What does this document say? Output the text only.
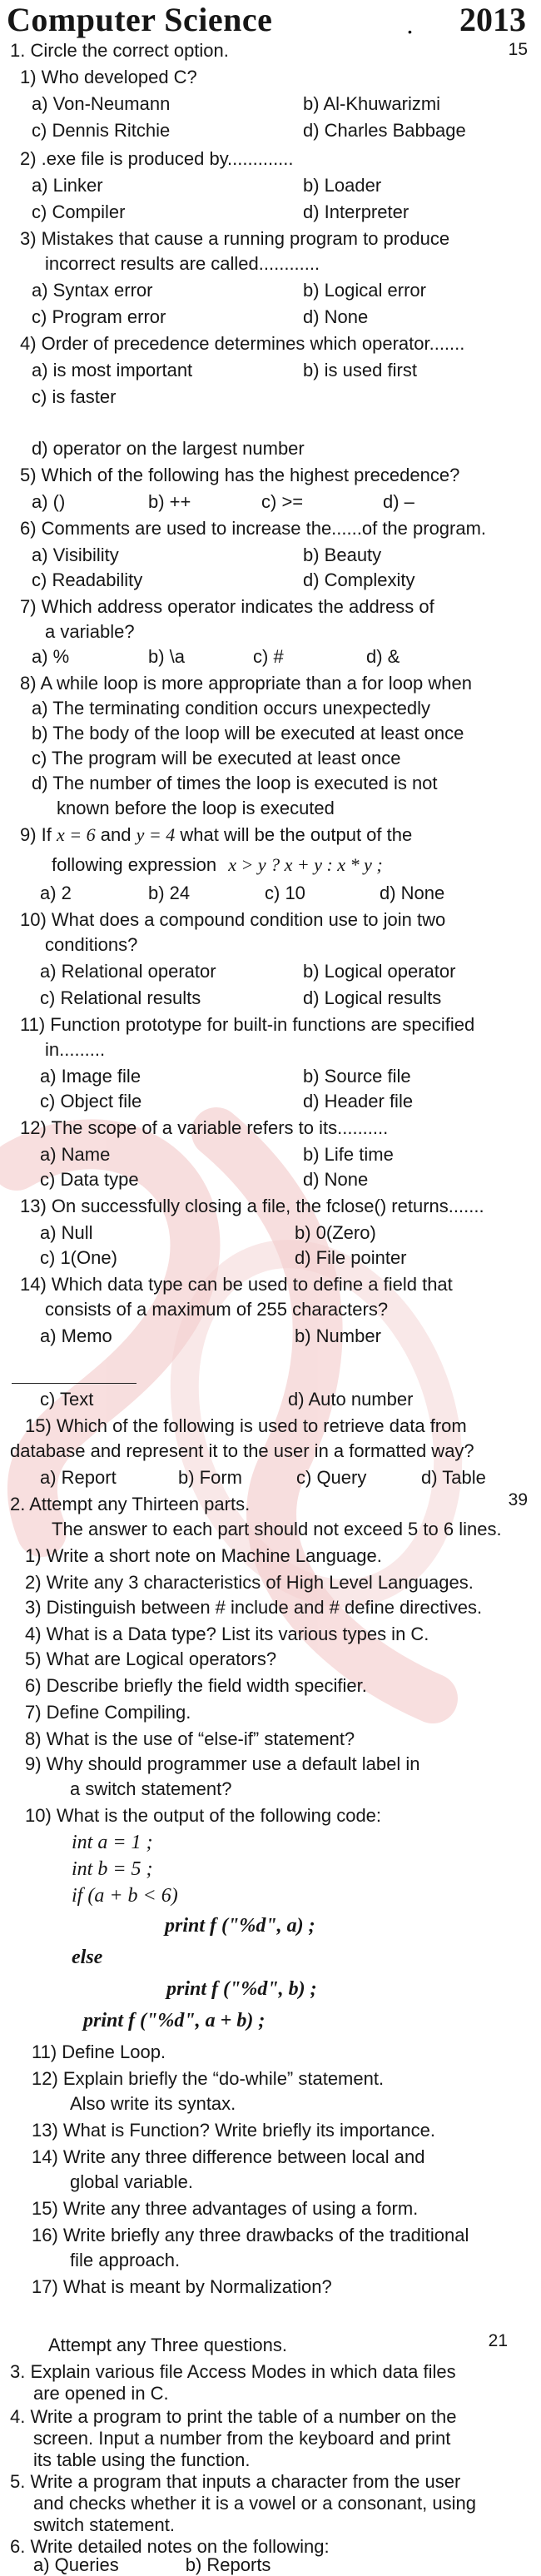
Computer Science	• 2013
1. Circle the correct option.	15
1) Who developed C?
a) Von-Neumann	b) Al-Khuwarizmi
c) Dennis Ritchie	d) Charles Babbage
2) .exe file is produced by.............
a) Linker	b) Loader
c) Compiler	d) Interpreter
3) Mistakes that cause a running program to produce
incorrect results are called............
a) Syntax error	b) Logical error
c) Program error	d) None
4) Order of precedence determines which operator.......
a) is most important	b) is used first
c) is faster
d) operator on the largest number
5) Which of the following has the highest precedence?
a) ()	b) ++	c) >=	d) –
6) Comments are used to increase the......of the program.
a) Visibility	b) Beauty
c) Readability	d) Complexity
7) Which address operator indicates the address of
a variable?
a) %	b) \a	c) #	d) &
8) A while loop is more appropriate than a for loop when
a) The terminating condition occurs unexpectedly
b) The body of the loop will be executed at least once
c) The program will be executed at least once
d) The number of times the loop is executed is not
known before the loop is executed
9) If x = 6 and y = 4 what will be the output of the
following expression x > y ? x + y : x * y ;
a) 2	b) 24	c) 10	d) None
10) What does a compound condition use to join two
conditions?
a) Relational operator	b) Logical operator
c) Relational results	d) Logical results
11) Function prototype for built-in functions are specified
in.........
a) Image file	b) Source file
c) Object file	d) Header file
12) The scope of a variable refers to its..........
a) Name	b) Life time
c) Data type	d) None
13) On successfully closing a file, the fclose() returns.......
a) Null	b) 0(Zero)
c) 1(One)	d) File pointer
14) Which data type can be used to define a field that
consists of a maximum of 255 characters?
a) Memo	b) Number
c) Text	d) Auto number
15) Which of the following is used to retrieve data from
database and represent it to the user in a formatted way?
a) Report	b) Form	c) Query	d) Table
2. Attempt any Thirteen parts.	39
The answer to each part should not exceed 5 to 6 lines.
1) Write a short note on Machine Language.
2) Write any 3 characteristics of High Level Languages.
3) Distinguish between # include and # define directives.
4) What is a Data type? List its various types in C.
5) What are Logical operators?
6) Describe briefly the field width specifier.
7) Define Compiling.
8) What is the use of “else-if” statement?
9) Why should programmer use a default label in
a switch statement?
10) What is the output of the following code:
int a = 1 ;
int b = 5 ;
if (a + b < 6)
print f ("%d", a) ;
else
print f ("%d", b) ;
print f ("%d", a + b) ;
11) Define Loop.
12) Explain briefly the “do-while” statement.
Also write its syntax.
13) What is Function? Write briefly its importance.
14) Write any three difference between local and
global variable.
15) Write any three advantages of using a form.
16) Write briefly any three drawbacks of the traditional
file approach.
17) What is meant by Normalization?
Attempt any Three questions.	21
3. Explain various file Access Modes in which data files
are opened in C.
4. Write a program to print the table of a number on the
screen. Input a number from the keyboard and print
its table using the function.
5. Write a program that inputs a character from the user
and checks whether it is a vowel or a consonant, using
switch statement.
6. Write detailed notes on the following:
a) Queries	b) Reports
